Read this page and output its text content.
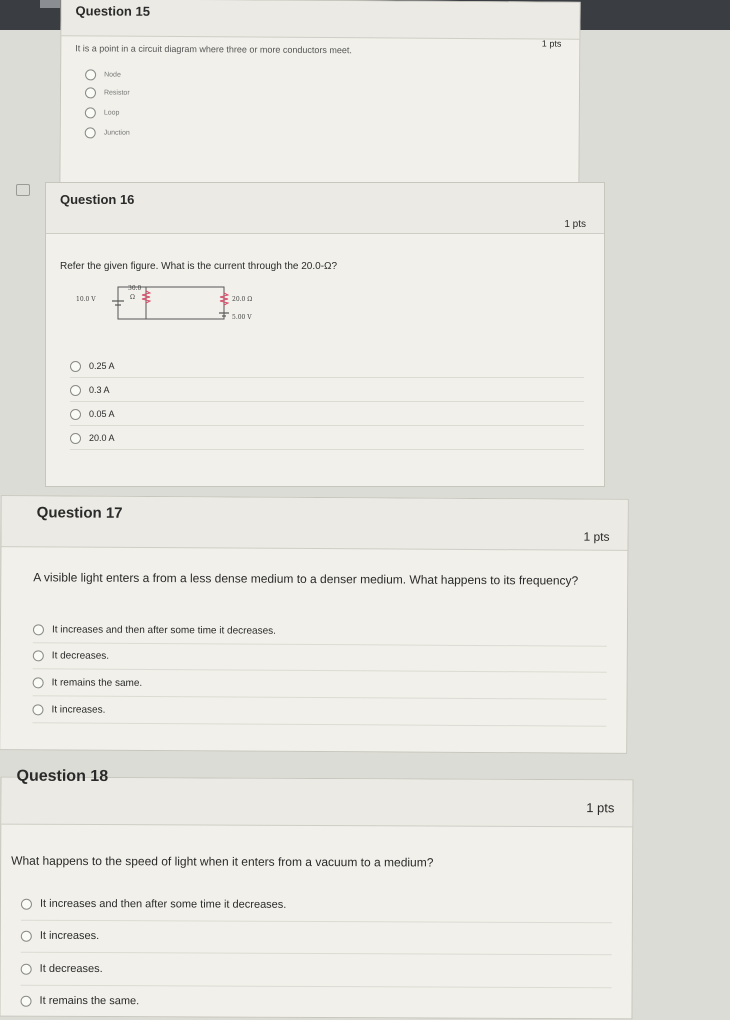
Question 15
1 pts
It is a point in a circuit diagram where three or more conductors meet.
Node
Resistor
Loop
Junction
Question 16
1 pts
Refer the given figure. What is the current through the 20.0-Ω?
10.0 V
30.0
Ω	20.0 Ω
5.00 V
0.25 A
0.3 A
0.05 A
20.0 A
Question 17
1 pts
A visible light enters a from a less dense medium to a denser medium. What happens to its frequency?
It increases and then after some time it decreases.
It decreases.
It remains the same.
It increases.
Question 18
1 pts
What happens to the speed of light when it enters from a vacuum to a medium?
It increases and then after some time it decreases.
It increases.
It decreases.
It remains the same.
